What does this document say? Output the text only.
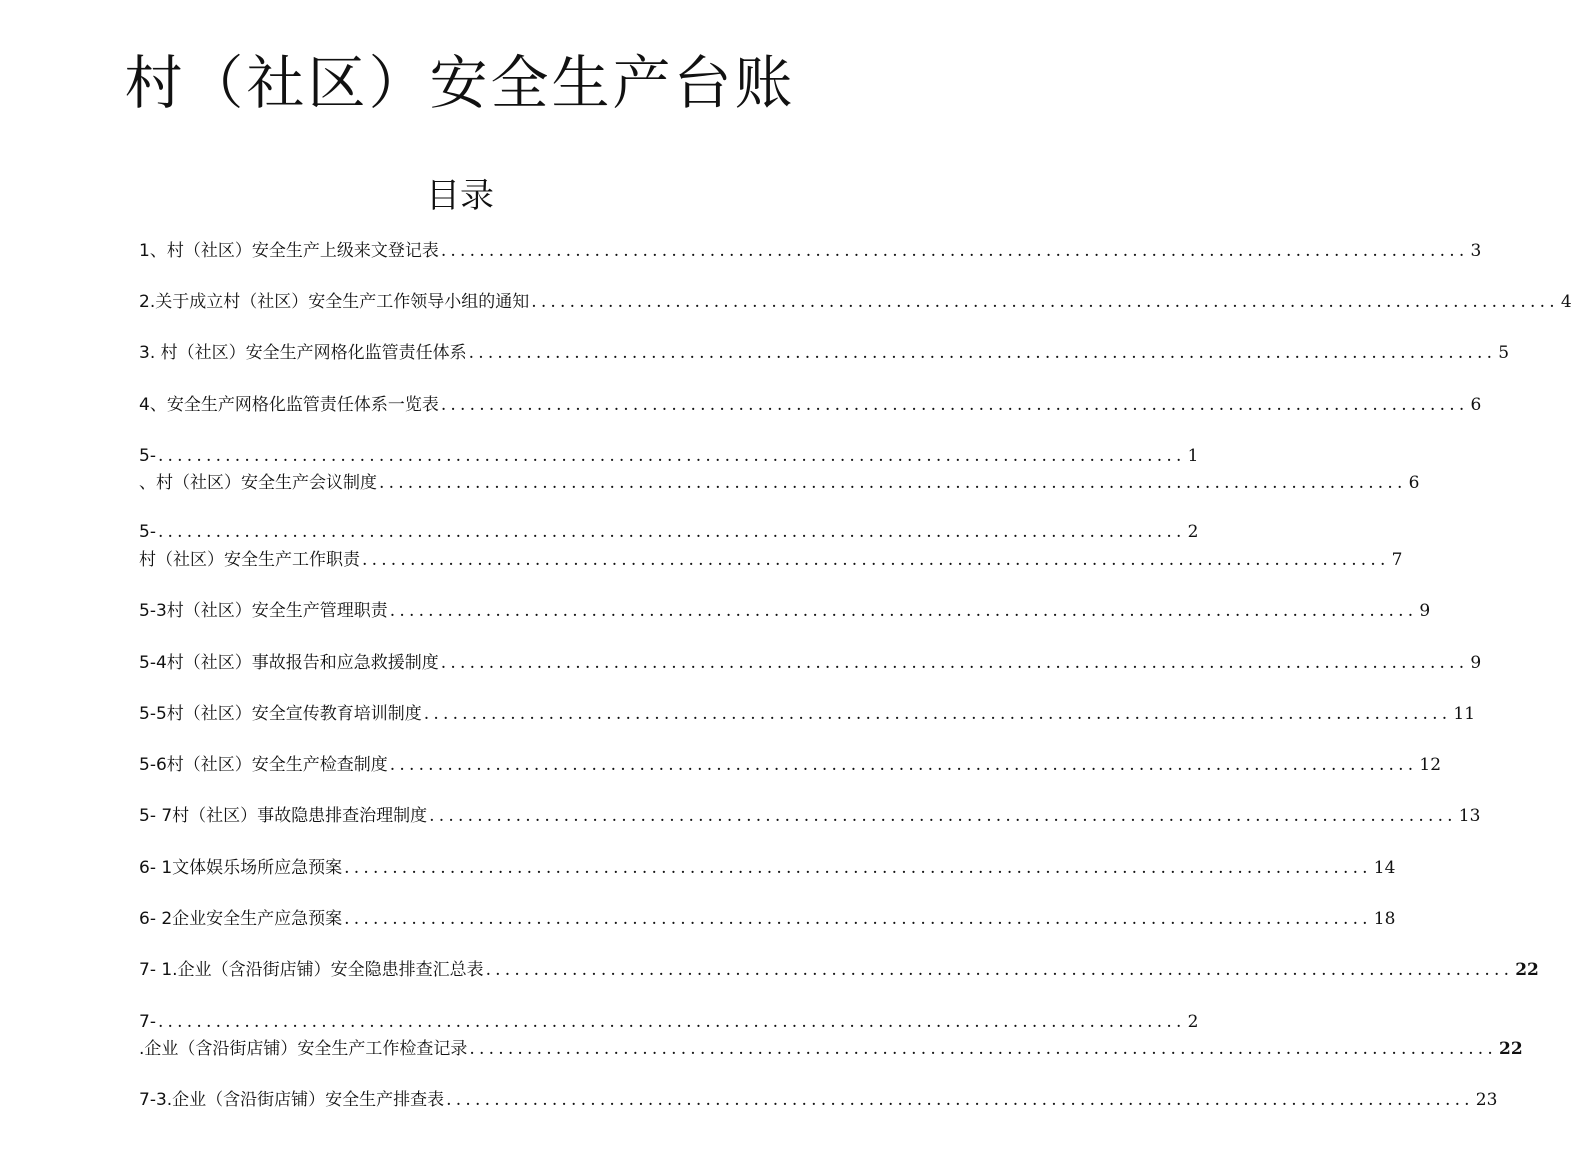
村（社区）安全生产台账
目录
1、村（社区）安全生产上级来文登记表 ........................................................................................................... 3
2.关于成立村（社区）安全生产工作领导小组的通知 ........................................................................................................... 4
3. 村（社区）安全生产网格化监管责任体系 ........................................................................................................... 5
4、安全生产网格化监管责任体系一览表 ........................................................................................................... 6
5- ........................................................................................................... 1
、村（社区）安全生产会议制度 ........................................................................................................... 6
5- ........................................................................................................... 2
村（社区）安全生产工作职责 ........................................................................................................... 7
5-3村（社区）安全生产管理职责 ........................................................................................................... 9
5-4村（社区）事故报告和应急救援制度 ........................................................................................................... 9
5-5村（社区）安全宣传教育培训制度 ........................................................................................................... 11
5-6村（社区）安全生产检查制度 ........................................................................................................... 12
5- 7村（社区）事故隐患排查治理制度 ........................................................................................................... 13
6- 1文体娱乐场所应急预案 ........................................................................................................... 14
6- 2企业安全生产应急预案 ........................................................................................................... 18
7- 1.企业（含沿街店铺）安全隐患排查汇总表 ........................................................................................................... 22
7- ........................................................................................................... 2
.企业（含沿街店铺）安全生产工作检查记录 ........................................................................................................... 22
7-3.企业（含沿街店铺）安全生产排查表 ........................................................................................................... 23
